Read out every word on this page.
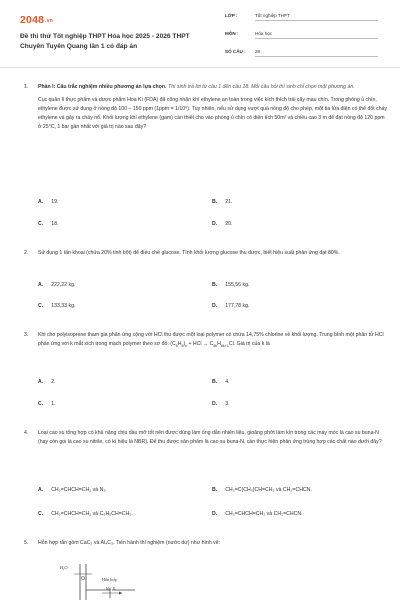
2048.vn
Đề thi thử Tốt nghiệp THPT Hóa học 2025 - 2026 THPT
Chuyên Tuyên Quang lần 1 có đáp án
LỚP :	Tốt nghiệp THPT
MÔN :	Hóa học
SỐ CÂU : 28
1. Phần I: Câu trắc nghiệm nhiều phương án lựa chọn. Thí sinh trả lời từ câu 1 đến câu 18. Mỗi câu hỏi thí sinh chỉ chọn một phương án.

Cục quản lí thực phẩm và dược phẩm Hoa Kì (FDA) đã công nhận khí ethylene an toàn trong việc kích thích trái cây mau chín. Trong phòng ủ chín, ethylene được sử dụng ở nồng độ 100 – 150 ppm (1ppm = 1/10⁶). Tuy nhiên, nếu sử dụng vượt quá nồng độ cho phép, một tia lửa điện có thể đốt cháy ethylene và gây ra cháy nổ. Khối lượng khí ethylene (gam) cần thiết cho vào phòng ủ chín có diện tích 50m² và chiều cao 3 m để đạt nồng độ 120 ppm ở 25°C, 1 bar gần nhất với giá trị nào sau đây?

A. 19.	B. 21.
C. 18.	D. 20.
2. Sử dụng 1 tấn khoai (chứa 20% tinh bột) để điều chế glucose. Tính khối lượng glucose thu được, biết hiệu suất phản ứng đạt 80%.

A. 222,22 kg.	B. 155,56 kg.
C. 133,33 kg.	D. 177,78 kg.
3. Khi cho polyisoprene tham gia phản ứng cộng với HCl thu được một loại polymer có chứa 14,75% chlorine về khối lượng. Trung bình một phân tử HCl phản ứng với k mắt xích trong mạch polymer theo sơ đồ: $(C_5H_8)_k$ + HCl → $C_{5k}H_{8k+1}Cl$. Giá trị của k là

A. 2.	B. 4.
C. 1.	D. 3.
4. Loại cao su tổng hợp có khả năng chịu dầu mỡ tốt nên được dùng làm ống dẫn nhiên liệu, gioăng phớt làm kín trong các máy móc là cao su buna-N (hay còn gọi là cao su nitrile, có kí hiệu là NBR). Để thu được sản phẩm là cao su buna-N, cần thực hiện phản ứng trùng hợp các chất nào dưới đây?

A. CH₂=CHCH=CH₂ và N₂.	B. CH₂=C(CH₃)CH=CH₂ và CH₂=CHCN.
C. CH₂=CHCH=CH₂ và C₆H₅CH=CH₂.	D. CH₂=CHCH=CH₂ và CH₂=CHCN.
5. Hỗn hợp rắn gồm CaC₂ và Al₄C₃. Tiến hành thí nghiệm (nước dư) như hình vẽ:

H₂O
Hỗn hợp
khí X
